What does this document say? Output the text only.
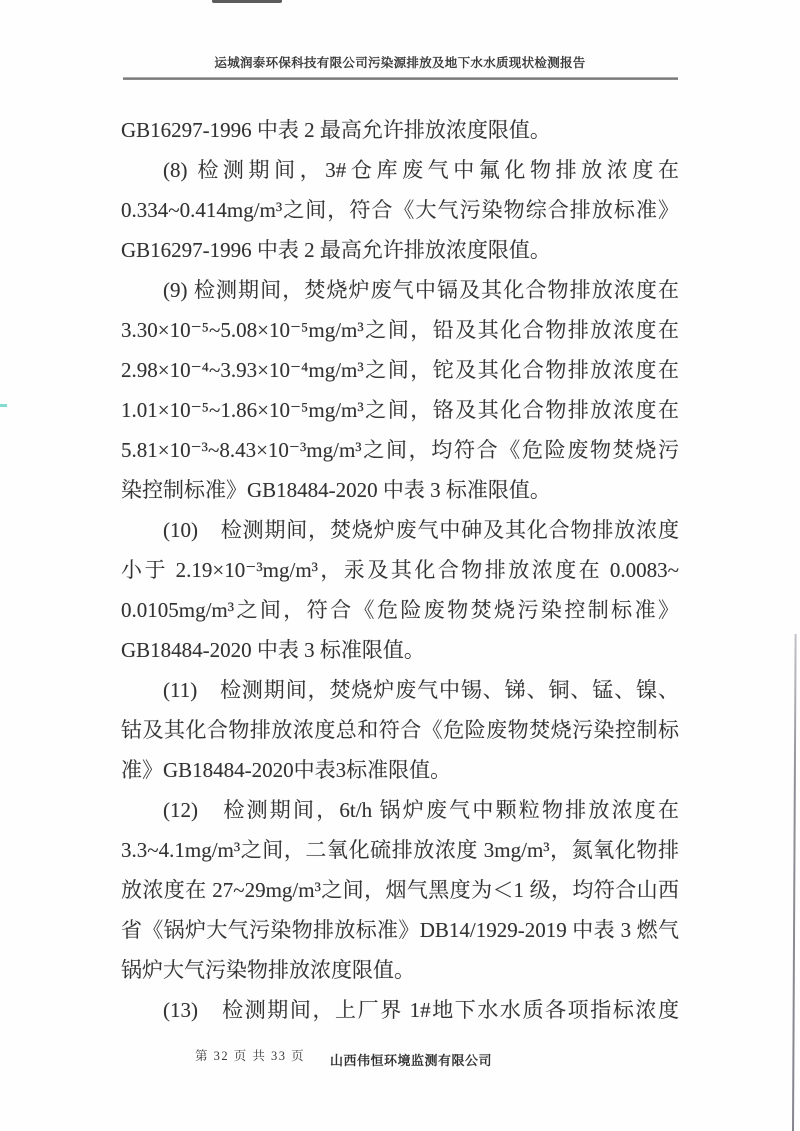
运城润泰环保科技有限公司污染源排放及地下水水质现状检测报告
GB16297-1996 中表 2 最高允许排放浓度限值。
(8) 检测期间，3#仓库废气中氟化物排放浓度在
0.334~0.414mg/m³之间，符合《大气污染物综合排放标准》
GB16297-1996 中表 2 最高允许排放浓度限值。
(9) 检测期间，焚烧炉废气中镉及其化合物排放浓度在
3.30×10⁻⁵~5.08×10⁻⁵mg/m³之间，铅及其化合物排放浓度在
2.98×10⁻⁴~3.93×10⁻⁴mg/m³之间，铊及其化合物排放浓度在
1.01×10⁻⁵~1.86×10⁻⁵mg/m³之间，铬及其化合物排放浓度在
5.81×10⁻³~8.43×10⁻³mg/m³之间，均符合《危险废物焚烧污
染控制标准》GB18484-2020 中表 3 标准限值。
(10)　检测期间，焚烧炉废气中砷及其化合物排放浓度
小于 2.19×10⁻³mg/m³，汞及其化合物排放浓度在 0.0083~
0.0105mg/m³之间，符合《危险废物焚烧污染控制标准》
GB18484-2020 中表 3 标准限值。
(11)　检测期间，焚烧炉废气中锡、锑、铜、锰、镍、
钴及其化合物排放浓度总和符合《危险废物焚烧污染控制标
准》GB18484-2020中表3标准限值。
(12)　检测期间，6t/h 锅炉废气中颗粒物排放浓度在
3.3~4.1mg/m³之间，二氧化硫排放浓度 3mg/m³，氮氧化物排
放浓度在 27~29mg/m³之间，烟气黑度为＜1 级，均符合山西
省《锅炉大气污染物排放标准》DB14/1929-2019 中表 3 燃气
锅炉大气污染物排放浓度限值。
(13)　检测期间，上厂界 1#地下水水质各项指标浓度
第 32 页 共 33 页 山西伟恒环境监测有限公司
